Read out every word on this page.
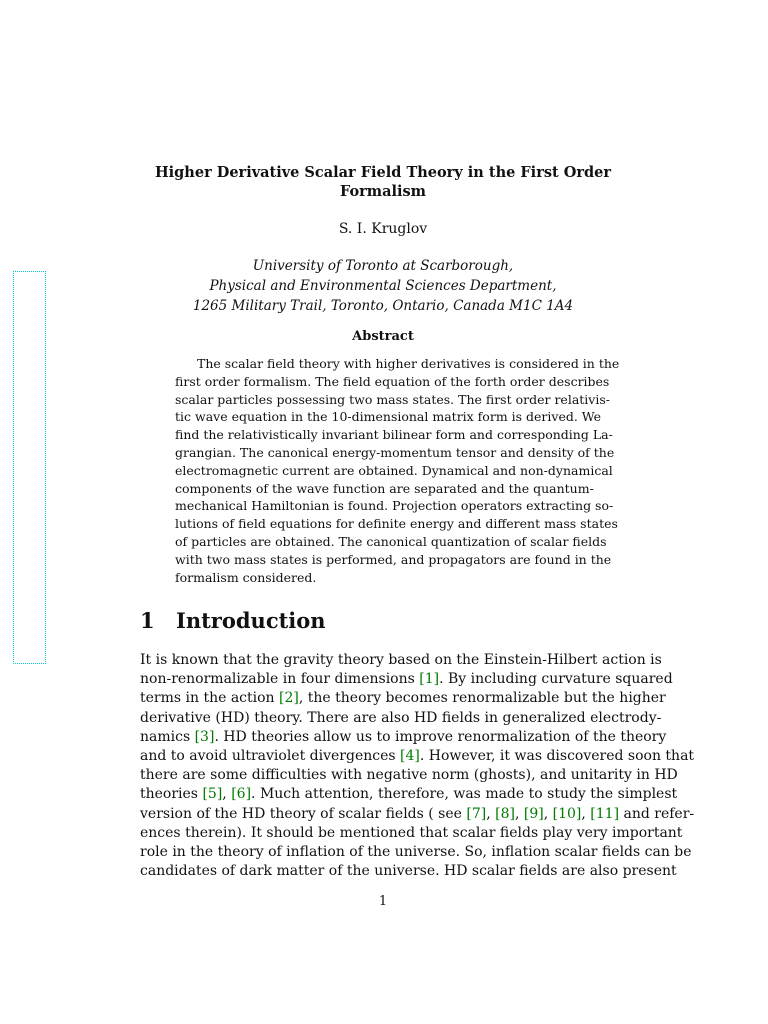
Higher Derivative Scalar Field Theory in the First Order
Formalism
S. I. Kruglov
University of Toronto at Scarborough,
Physical and Environmental Sciences Department,
1265 Military Trail, Toronto, Ontario, Canada M1C 1A4
Abstract
The scalar field theory with higher derivatives is considered in the
first order formalism. The field equation of the forth order describes
scalar particles possessing two mass states. The first order relativis-
tic wave equation in the 10-dimensional matrix form is derived. We
find the relativistically invariant bilinear form and corresponding La-
grangian. The canonical energy-momentum tensor and density of the
electromagnetic current are obtained. Dynamical and non-dynamical
components of the wave function are separated and the quantum-
mechanical Hamiltonian is found. Projection operators extracting so-
lutions of field equations for definite energy and different mass states
of particles are obtained. The canonical quantization of scalar fields
with two mass states is performed, and propagators are found in the
formalism considered.
1 Introduction
It is known that the gravity theory based on the Einstein-Hilbert action is
non-renormalizable in four dimensions [1]. By including curvature squared
terms in the action [2], the theory becomes renormalizable but the higher
derivative (HD) theory. There are also HD fields in generalized electrody-
namics [3]. HD theories allow us to improve renormalization of the theory
and to avoid ultraviolet divergences [4]. However, it was discovered soon that
there are some difficulties with negative norm (ghosts), and unitarity in HD
theories [5], [6]. Much attention, therefore, was made to study the simplest
version of the HD theory of scalar fields ( see [7], [8], [9], [10], [11] and refer-
ences therein). It should be mentioned that scalar fields play very important
role in the theory of inflation of the universe. So, inflation scalar fields can be
candidates of dark matter of the universe. HD scalar fields are also present
1
